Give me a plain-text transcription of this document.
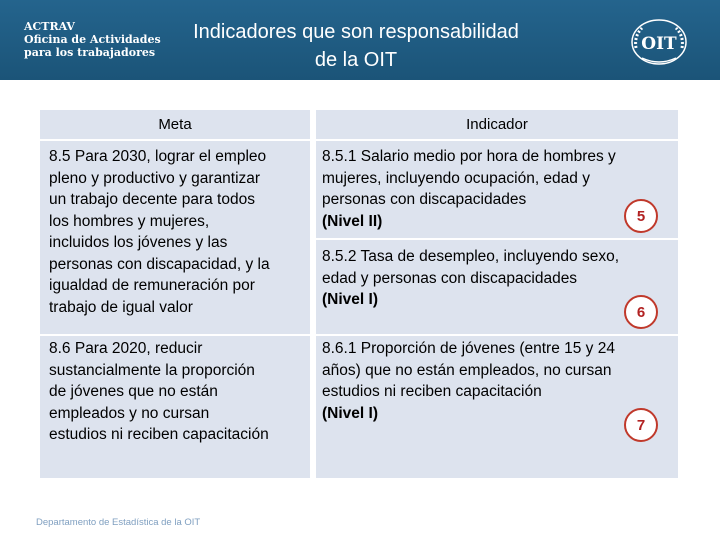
ACTRAV
Oficina de Actividades
para los trabajadores
Indicadores que son responsabilidad
de la OIT
OIT
Meta	Indicador
8.5 Para 2030, lograr el empleo
pleno y productivo y garantizar
un trabajo decente para todos
los hombres y mujeres,
incluidos los jóvenes y las
personas con discapacidad, y la
igualdad de remuneración por
trabajo de igual valor
8.5.1 Salario medio por hora de hombres y
mujeres, incluyendo ocupación, edad y
personas con discapacidades
(Nivel II)	5
8.5.2 Tasa de desempleo, incluyendo sexo,
edad y personas con discapacidades
(Nivel I)
6
8.6 Para 2020, reducir
sustancialmente la proporción
de jóvenes que no están
empleados y no cursan
estudios ni reciben capacitación
8.6.1 Proporción de jóvenes (entre 15 y 24
años) que no están empleados, no cursan
estudios ni reciben capacitación
(Nivel I)
7
Departamento de Estadística de la OIT
